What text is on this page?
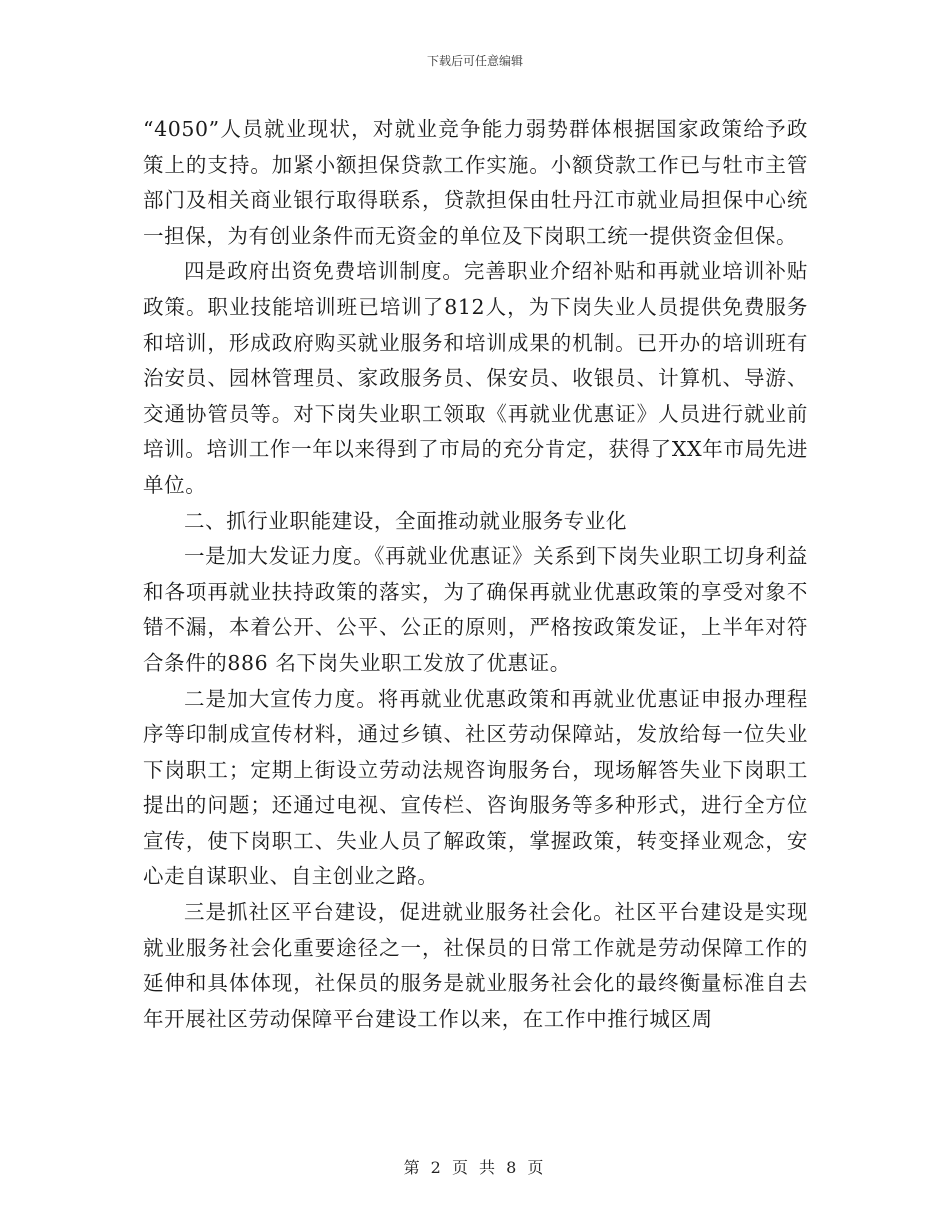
下载后可任意编辑

“4050”人员就业现状，对就业竞争能力弱势群体根据国家政策给予政策上的支持。加紧小额担保贷款工作实施。小额贷款工作已与牡市主管部门及相关商业银行取得联系，贷款担保由牡丹江市就业局担保中心统一担保，为有创业条件而无资金的单位及下岗职工统一提供资金但保。

四是政府出资免费培训制度。完善职业介绍补贴和再就业培训补贴政策。职业技能培训班已培训了812人，为下岗失业人员提供免费服务和培训，形成政府购买就业服务和培训成果的机制。已开办的培训班有治安员、园林管理员、家政服务员、保安员、收银员、计算机、导游、交通协管员等。对下岗失业职工领取《再就业优惠证》人员进行就业前培训。培训工作一年以来得到了市局的充分肯定，获得了XX年市局先进单位。

二、抓行业职能建设，全面推动就业服务专业化

一是加大发证力度。《再就业优惠证》关系到下岗失业职工切身利益和各项再就业扶持政策的落实，为了确保再就业优惠政策的享受对象不错不漏，本着公开、公平、公正的原则，严格按政策发证，上半年对符合条件的886 名下岗失业职工发放了优惠证。

二是加大宣传力度。将再就业优惠政策和再就业优惠证申报办理程序等印制成宣传材料，通过乡镇、社区劳动保障站，发放给每一位失业下岗职工；定期上街设立劳动法规咨询服务台，现场解答失业下岗职工提出的问题；还通过电视、宣传栏、咨询服务等多种形式，进行全方位宣传，使下岗职工、失业人员了解政策，掌握政策，转变择业观念，安心走自谋职业、自主创业之路。

三是抓社区平台建设，促进就业服务社会化。社区平台建设是实现就业服务社会化重要途径之一，社保员的日常工作就是劳动保障工作的延伸和具体体现，社保员的服务是就业服务社会化的最终衡量标准自去年开展社区劳动保障平台建设工作以来，在工作中推行城区周

第 2 页 共 8 页
